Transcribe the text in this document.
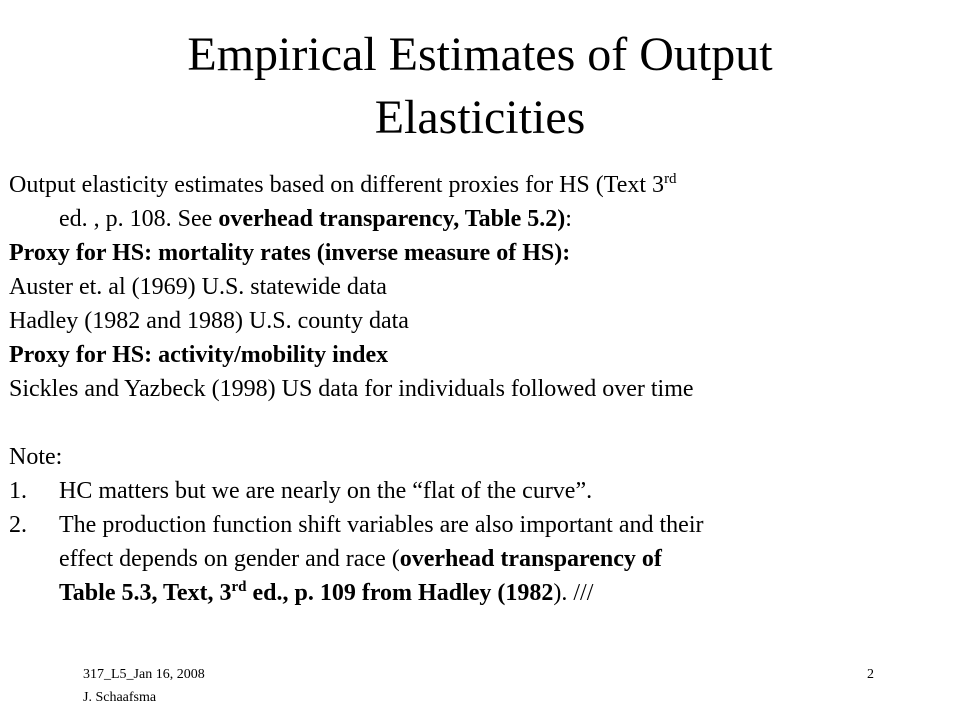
Empirical Estimates of Output
Elasticities
Output elasticity estimates based on different proxies for HS (Text 3rd
ed. , p. 108. See overhead transparency, Table 5.2):
Proxy for HS: mortality rates (inverse measure of HS):
Auster et. al (1969) U.S. statewide data
Hadley (1982 and 1988) U.S. county data
Proxy for HS: activity/mobility index
Sickles and Yazbeck (1998) US data for individuals followed over time

Note:
1. HC matters but we are nearly on the “flat of the curve”.
2. The production function shift variables are also important and their
effect depends on gender and race (overhead transparency of
Table 5.3, Text, 3rd ed., p. 109 from Hadley (1982). ///
317_L5_Jan 16, 2008
J. Schaafsma
2
